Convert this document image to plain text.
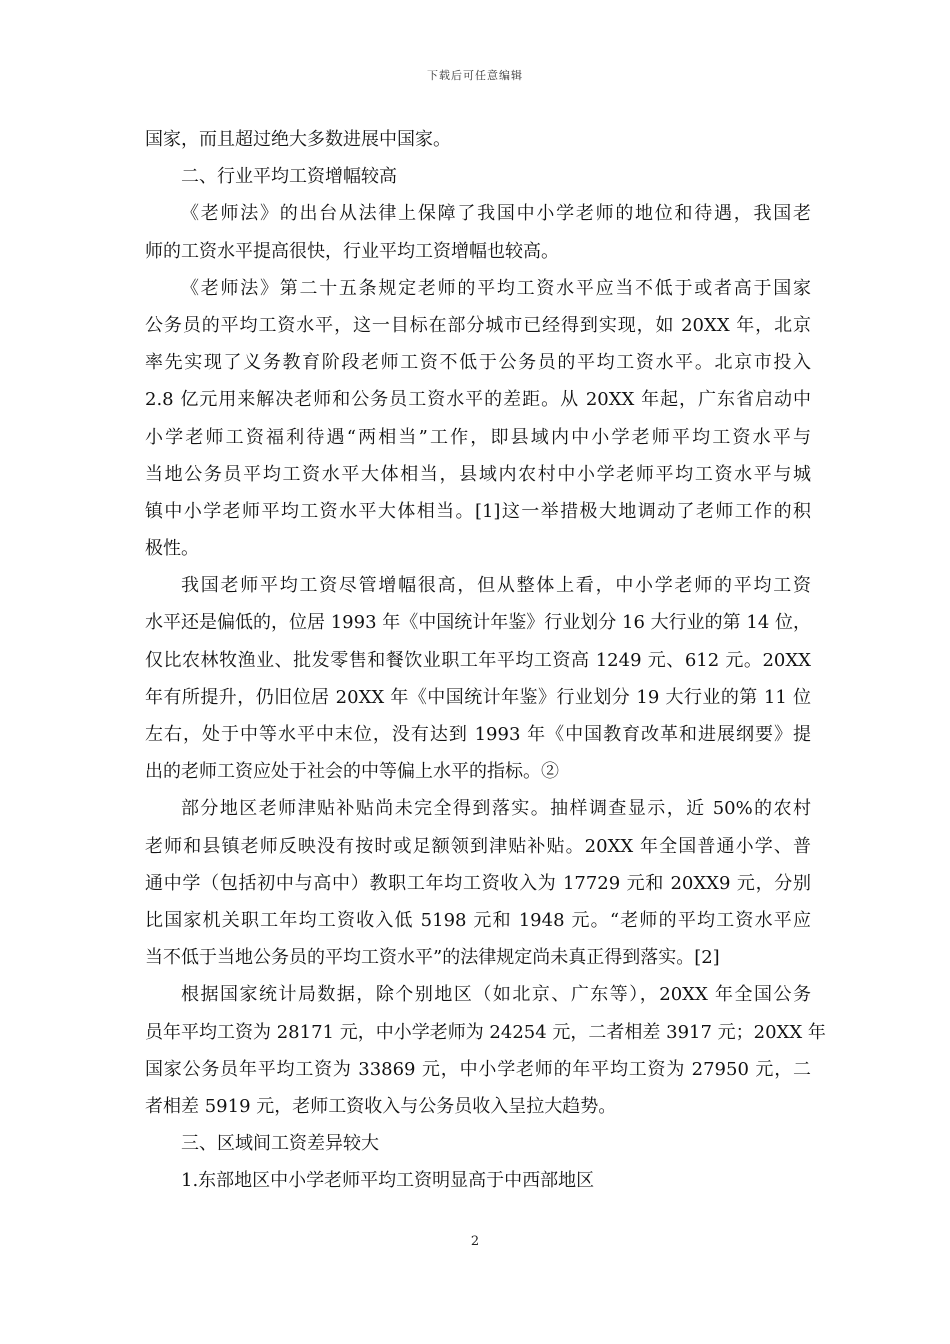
下载后可任意编辑
国家，而且超过绝大多数进展中国家。
二、行业平均工资增幅较高
《老师法》的出台从法律上保障了我国中小学老师的地位和待遇，我国老
师的工资水平提高很快，行业平均工资增幅也较高。
《老师法》第二十五条规定老师的平均工资水平应当不低于或者高于国家
公务员的平均工资水平，这一目标在部分城市已经得到实现，如 20XX 年，北京
率先实现了义务教育阶段老师工资不低于公务员的平均工资水平。北京市投入
2.8 亿元用来解决老师和公务员工资水平的差距。从 20XX 年起，广东省启动中
小学老师工资福利待遇“两相当”工作，即县域内中小学老师平均工资水平与
当地公务员平均工资水平大体相当，县域内农村中小学老师平均工资水平与城
镇中小学老师平均工资水平大体相当。[1]这一举措极大地调动了老师工作的积
极性。
我国老师平均工资尽管增幅很高，但从整体上看，中小学老师的平均工资
水平还是偏低的，位居 1993 年《中国统计年鉴》行业划分 16 大行业的第 14 位，
仅比农林牧渔业、批发零售和餐饮业职工年平均工资高 1249 元、612 元。20XX
年有所提升，仍旧位居 20XX 年《中国统计年鉴》行业划分 19 大行业的第 11 位
左右，处于中等水平中末位，没有达到 1993 年《中国教育改革和进展纲要》提
出的老师工资应处于社会的中等偏上水平的指标。②
部分地区老师津贴补贴尚未完全得到落实。抽样调查显示，近 50%的农村
老师和县镇老师反映没有按时或足额领到津贴补贴。20XX 年全国普通小学、普
通中学（包括初中与高中）教职工年均工资收入为 17729 元和 20XX9 元，分别
比国家机关职工年均工资收入低 5198 元和 1948 元。“老师的平均工资水平应
当不低于当地公务员的平均工资水平”的法律规定尚未真正得到落实。[2]
根据国家统计局数据，除个别地区（如北京、广东等），20XX 年全国公务
员年平均工资为 28171 元，中小学老师为 24254 元，二者相差 3917 元；20XX 年
国家公务员年平均工资为 33869 元，中小学老师的年平均工资为 27950 元，二
者相差 5919 元，老师工资收入与公务员收入呈拉大趋势。
三、区域间工资差异较大
1.东部地区中小学老师平均工资明显高于中西部地区
2
